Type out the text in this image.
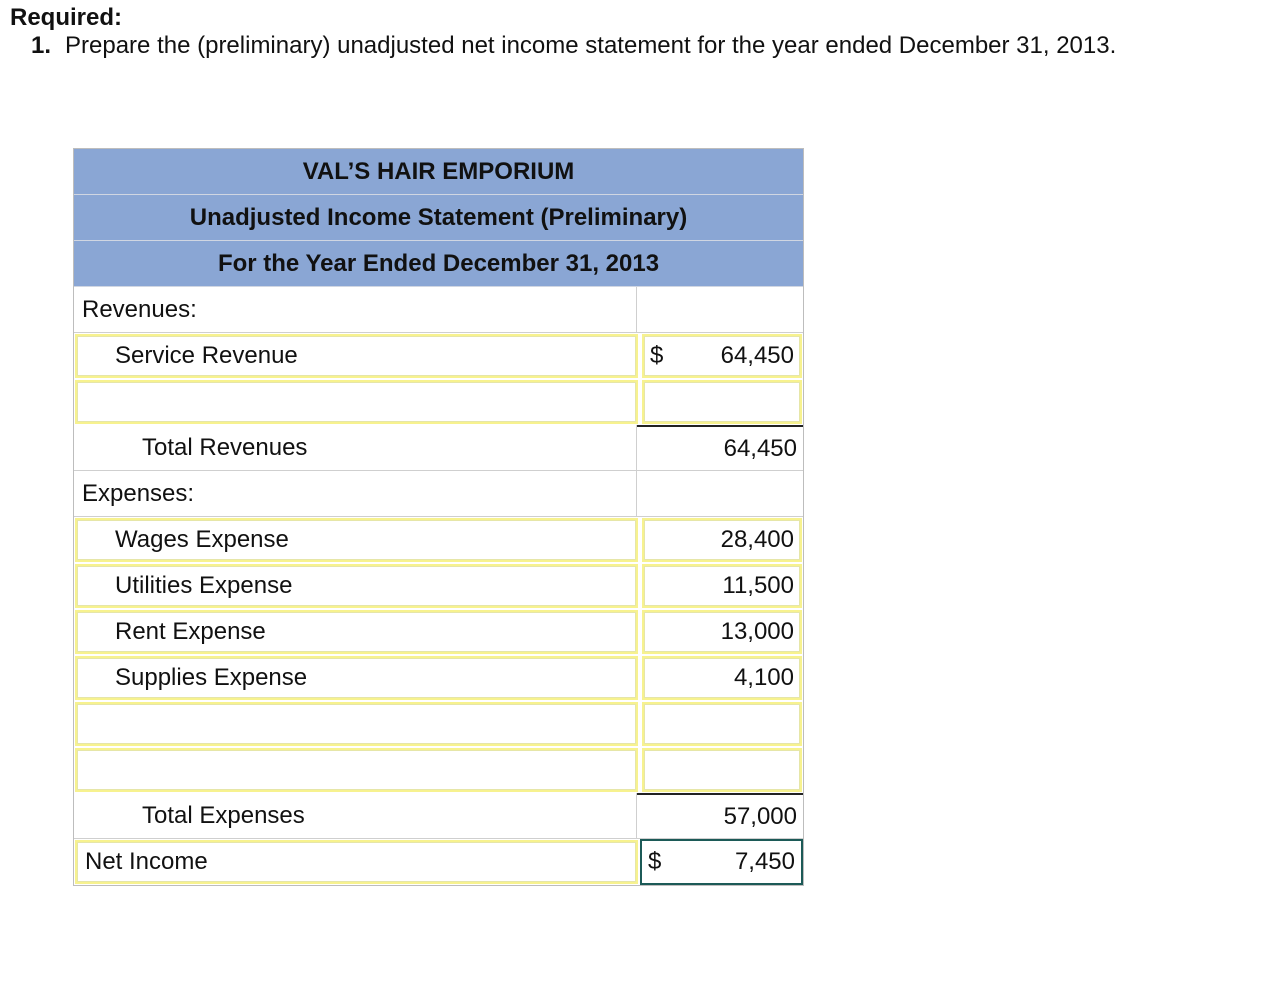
Required:
1. Prepare the (preliminary) unadjusted net income statement for the year ended December 31, 2013.
VAL’S HAIR EMPORIUM
Unadjusted Income Statement (Preliminary)
For the Year Ended December 31, 2013
Revenues:
Service Revenue	$ 64,450
Total Revenues	64,450
Expenses:
Wages Expense	28,400
Utilities Expense	11,500
Rent Expense	13,000
Supplies Expense	4,100
Total Expenses	57,000
Net Income	$	7,450
